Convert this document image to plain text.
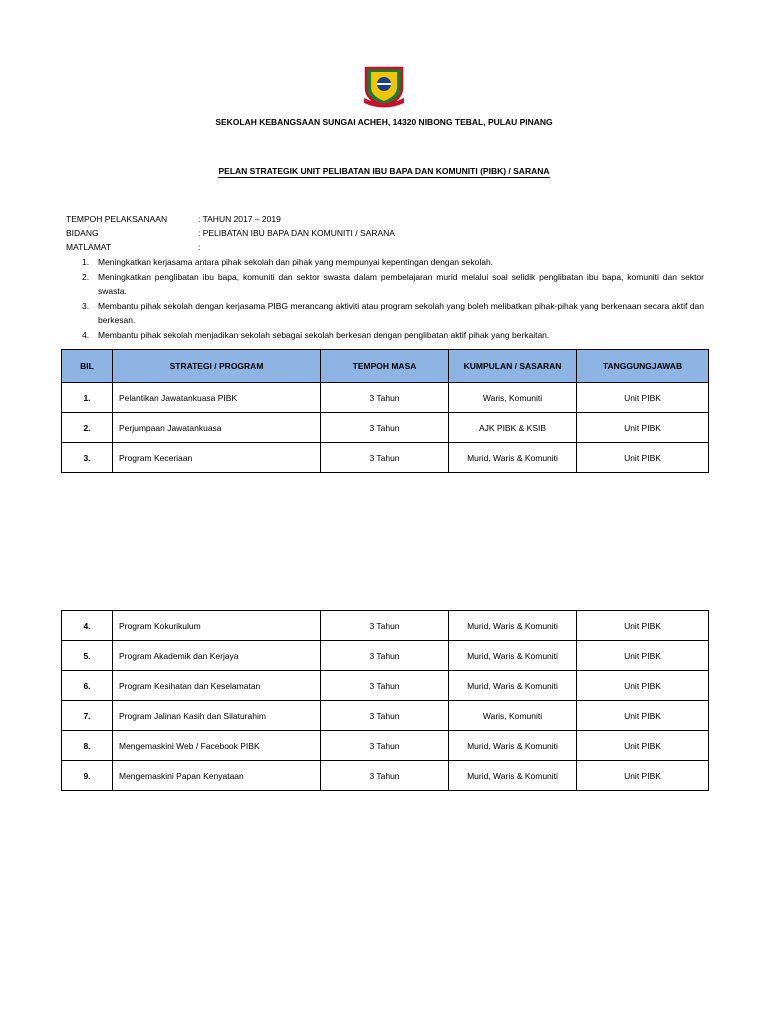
SEKOLAH KEBANGSAAN SUNGAI ACHEH, 14320 NIBONG TEBAL, PULAU PINANG
PELAN STRATEGIK UNIT PELIBATAN IBU BAPA DAN KOMUNITI (PIBK) / SARANA
TEMPOH PELAKSANAAN	: TAHUN 2017 – 2019
BIDANG	: PELIBATAN IBU BAPA DAN KOMUNITI / SARANA
MATLAMAT	:
1. Meningkatkan kerjasama antara pihak sekolah dan pihak yang mempunyai kepentingan dengan sekolah.
2. Meningkatkan penglibatan ibu bapa, komuniti dan sektor swasta dalam pembelajaran murid melalui soal selidik penglibatan ibu bapa, komuniti dan sektor swasta.
3. Membantu pihak sekolah dengan kerjasama PIBG merancang aktiviti atau program sekolah yang boleh melibatkan pihak-pihak yang berkenaan secara aktif dan berkesan.
4. Membantu pihak sekolah menjadikan sekolah sebagai sekolah berkesan dengan penglibatan aktif pihak yang berkaitan.
BIL	STRATEGI / PROGRAM	TEMPOH MASA	KUMPULAN / SASARAN	TANGGUNGJAWAB
1.	Pelantikan Jawatankuasa PIBK	3 Tahun	Waris, Komuniti	Unit PIBK
2.	Perjumpaan Jawatankuasa	3 Tahun	AJK PIBK & KSIB	Unit PIBK
3.	Program Keceriaan	3 Tahun	Murid, Waris & Komuniti	Unit PIBK
4.	Program Kokurikulum	3 Tahun	Murid, Waris & Komuniti	Unit PIBK
5.	Program Akademik dan Kerjaya	3 Tahun	Murid, Waris & Komuniti	Unit PIBK
6.	Program Kesihatan dan Keselamatan	3 Tahun	Murid, Waris & Komuniti	Unit PIBK
7.	Program Jalinan Kasih dan Silaturahim	3 Tahun	Waris, Komuniti	Unit PIBK
8.	Mengemaskini Web / Facebook PIBK	3 Tahun	Murid, Waris & Komuniti	Unit PIBK
9.	Mengemaskini Papan Kenyataan	3 Tahun	Murid, Waris & Komuniti	Unit PIBK
